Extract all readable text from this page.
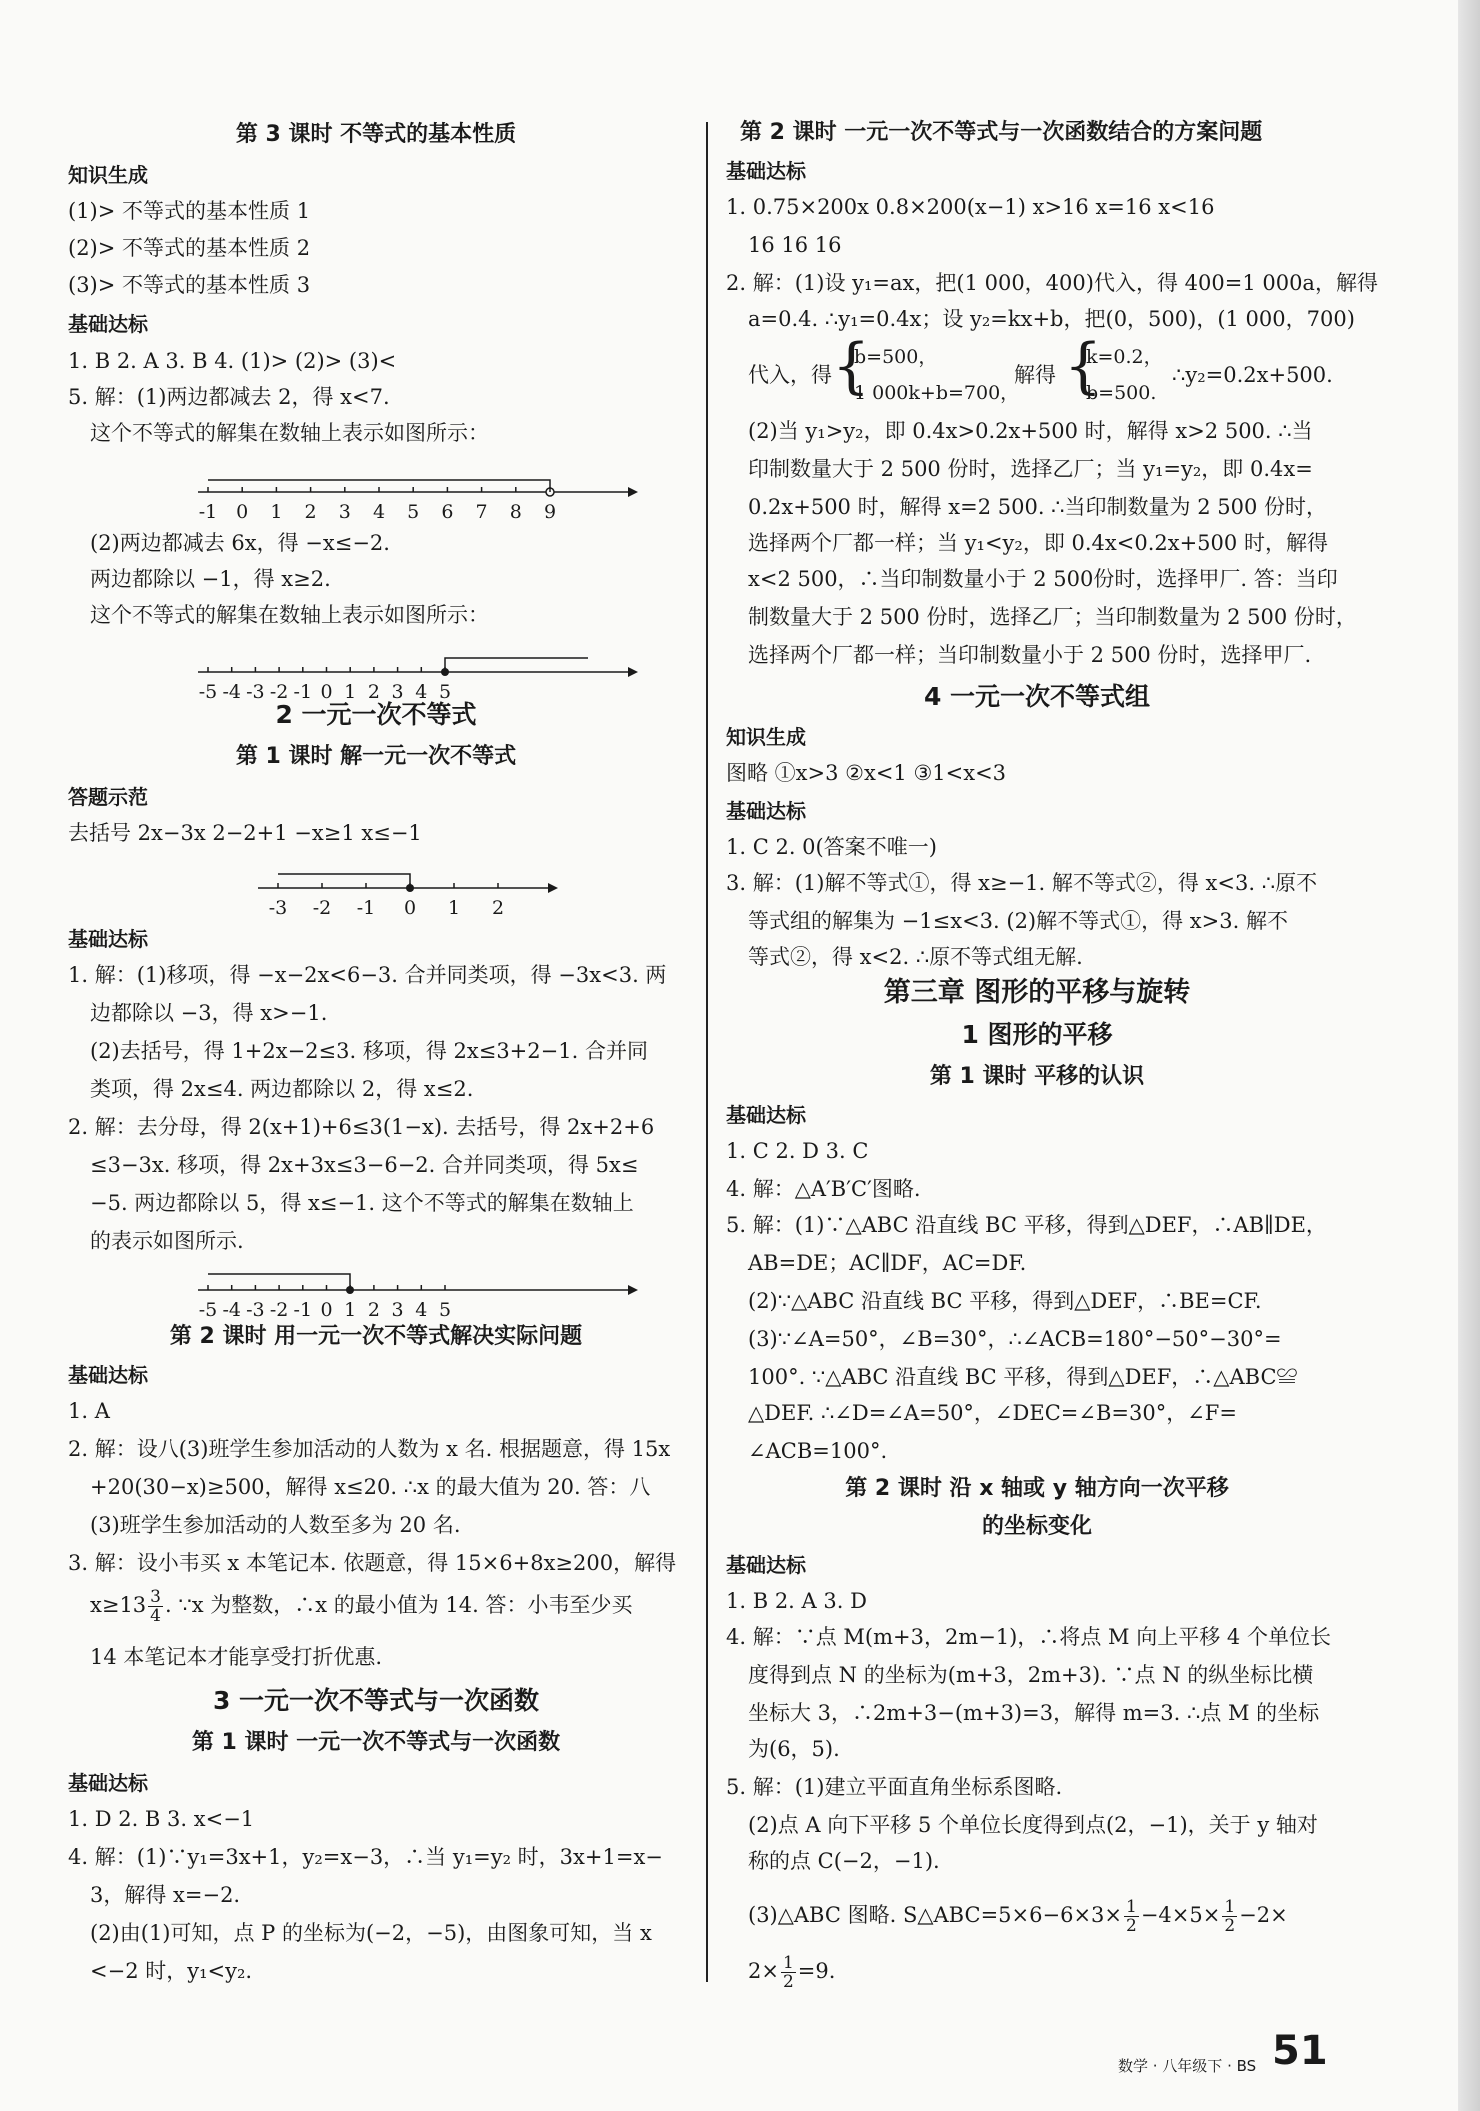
第 3 课时 不等式的基本性质
知识生成
(1)> 不等式的基本性质 1
(2)> 不等式的基本性质 2
(3)> 不等式的基本性质 3
基础达标
1. B 2. A 3. B 4. (1)> (2)> (3)<
5. 解：(1)两边都减去 2，得 x<7.
这个不等式的解集在数轴上表示如图所示：
-1 0 1 2 3 4 5 6 7 8 9
(2)两边都减去 6x，得 −x≤−2.
两边都除以 −1，得 x≥2.
这个不等式的解集在数轴上表示如图所示：
-5 -4 -3 -2 -1 0 1 2 3 4 5
2 一元一次不等式
第 1 课时 解一元一次不等式
答题示范
去括号 2x−3x 2−2+1 −x≥1 x≤−1
-3 -2 -1 0 1 2
基础达标
1. 解：(1)移项，得 −x−2x<6−3. 合并同类项，得 −3x<3. 两
边都除以 −3，得 x>−1.
(2)去括号，得 1+2x−2≤3. 移项，得 2x≤3+2−1. 合并同
类项，得 2x≤4. 两边都除以 2，得 x≤2.
2. 解：去分母，得 2(x+1)+6≤3(1−x). 去括号，得 2x+2+6
≤3−3x. 移项，得 2x+3x≤3−6−2. 合并同类项，得 5x≤
−5. 两边都除以 5，得 x≤−1. 这个不等式的解集在数轴上
的表示如图所示.
-5 -4 -3 -2 -1 0 1 2 3 4 5
第 2 课时 用一元一次不等式解决实际问题
基础达标
1. A
2. 解：设八(3)班学生参加活动的人数为 x 名. 根据题意，得 15x
+20(30−x)≥500，解得 x≤20. ∴x 的最大值为 20. 答：八
(3)班学生参加活动的人数至多为 20 名.
3. 解：设小韦买 x 本笔记本. 依题意，得 15×6+8x≥200，解得
$x\ge 13 \frac{3}{4}$ . ∵x 为整数，∴x 的最小值为 14. 答：小韦至少买
14 本笔记本才能享受打折优惠.
3 一元一次不等式与一次函数
第 1 课时 一元一次不等式与一次函数
基础达标
1. D 2. B 3. x<−1
4. 解：(1)∵y₁=3x+1，y₂=x−3，∴当 y₁=y₂ 时，3x+1=x−
3，解得 x=−2.
(2)由(1)可知，点 P 的坐标为(−2，−5)，由图象可知，当 x
<−2 时，y₁<y₂.
第 2 课时 一元一次不等式与一次函数结合的方案问题
基础达标
1. 0.75×200x 0.8×200(x−1) x>16 x=16 x<16
16 16 16
2. 解：(1)设 y₁=ax，把(1 000，400)代入，得 400=1 000a，解得
a=0.4. ∴y₁=0.4x；设 y₂=kx+b，把(0，500)，(1 000，700)
代入，得 {
b=500，
1 000k+b=700，
解得 {
k=0.2，
b=500.
∴y₂=0.2x+500.
(2)当 y₁>y₂，即 0.4x>0.2x+500 时，解得 x>2 500. ∴当
印制数量大于 2 500 份时，选择乙厂；当 y₁=y₂，即 0.4x=
0.2x+500 时，解得 x=2 500. ∴当印制数量为 2 500 份时，
选择两个厂都一样；当 y₁<y₂，即 0.4x<0.2x+500 时，解得
x<2 500，∴当印制数量小于 2 500份时，选择甲厂. 答：当印
制数量大于 2 500 份时，选择乙厂；当印制数量为 2 500 份时，
选择两个厂都一样；当印制数量小于 2 500 份时，选择甲厂.
4 一元一次不等式组
知识生成
图略 ①x>3 ②x<1 ③1<x<3
基础达标
1. C 2. 0(答案不唯一)
3. 解：(1)解不等式①，得 x≥−1. 解不等式②，得 x<3. ∴原不
等式组的解集为 −1≤x<3. (2)解不等式①，得 x>3. 解不
等式②，得 x<2. ∴原不等式组无解.
第三章 图形的平移与旋转
1 图形的平移
第 1 课时 平移的认识
基础达标
1. C 2. D 3. C
4. 解：△A′B′C′图略.
5. 解：(1)∵△ABC 沿直线 BC 平移，得到△DEF，∴AB∥DE，
AB=DE；AC∥DF，AC=DF.
(2)∵△ABC 沿直线 BC 平移，得到△DEF，∴BE=CF.
(3)∵∠A=50°，∠B=30°，∴∠ACB=180°−50°−30°=
100°. ∵△ABC 沿直线 BC 平移，得到△DEF，∴△ABC≌
△DEF. ∴∠D=∠A=50°，∠DEC=∠B=30°，∠F=
∠ACB=100°.
第 2 课时 沿 x 轴或 y 轴方向一次平移
的坐标变化
基础达标
1. B 2. A 3. D
4. 解：∵点 M(m+3，2m−1)，∴将点 M 向上平移 4 个单位长
度得到点 N 的坐标为(m+3，2m+3). ∵点 N 的纵坐标比横
坐标大 3，∴2m+3−(m+3)=3，解得 m=3. ∴点 M 的坐标
为(6，5).
5. 解：(1)建立平面直角坐标系图略.
(2)点 A 向下平移 5 个单位长度得到点(2，−1)，关于 y 轴对
称的点 C(−2，−1).
(3)△ABC 图略. S△ABC=5×6−6×3× $\frac{1}{2} -4\times 5\times \frac{1}{2} -2\times$
$2\times \frac{1}{2} =9$.
数学 · 八年级下 · BS 51
